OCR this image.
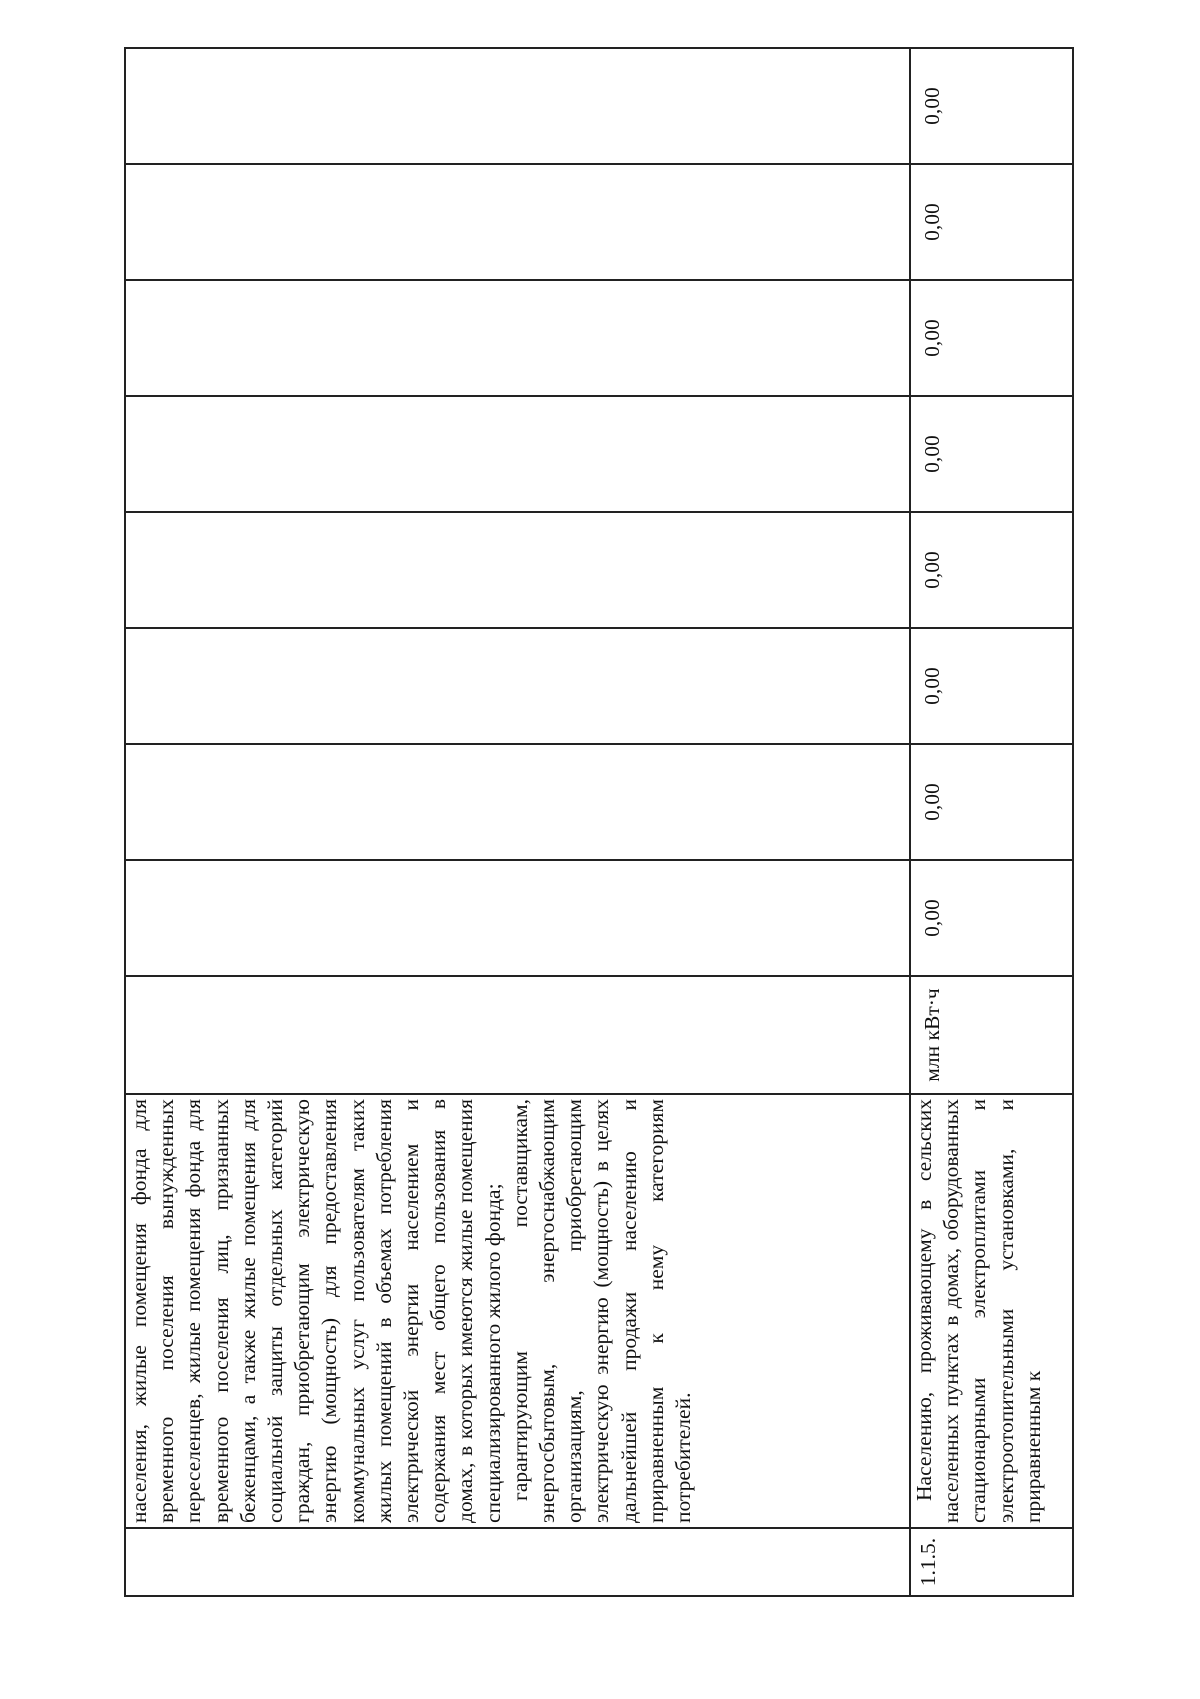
	населения, жилые помещения фонда для временного поселения вынужденных переселенцев, жилые помещения фонда для временного поселения лиц, признанных беженцами, а также жилые помещения для социальной защиты отдельных категорий граждан, приобретающим электрическую энергию (мощность) для предоставления коммунальных услуг пользователям таких жилых помещений в объемах потребления электрической энергии населением и содержания мест общего пользования в домах, в которых имеются жилые помещения специализированного жилого фонда; гарантирующим поставщикам, энергосбытовым, энергоснабжающим организациям, приобретающим электрическую энергию (мощность) в целях дальнейшей продажи населению и приравненным к нему категориям потребителей.									

1.1.5.	Населению, проживающему в сельских населенных пунктах в домах, оборудованных стационарными электроплитами и электроотопительными установками, и приравненным к	млн кВт·ч	0,00	0,00	0,00	0,00	0,00	0,00	0,00	0,00
